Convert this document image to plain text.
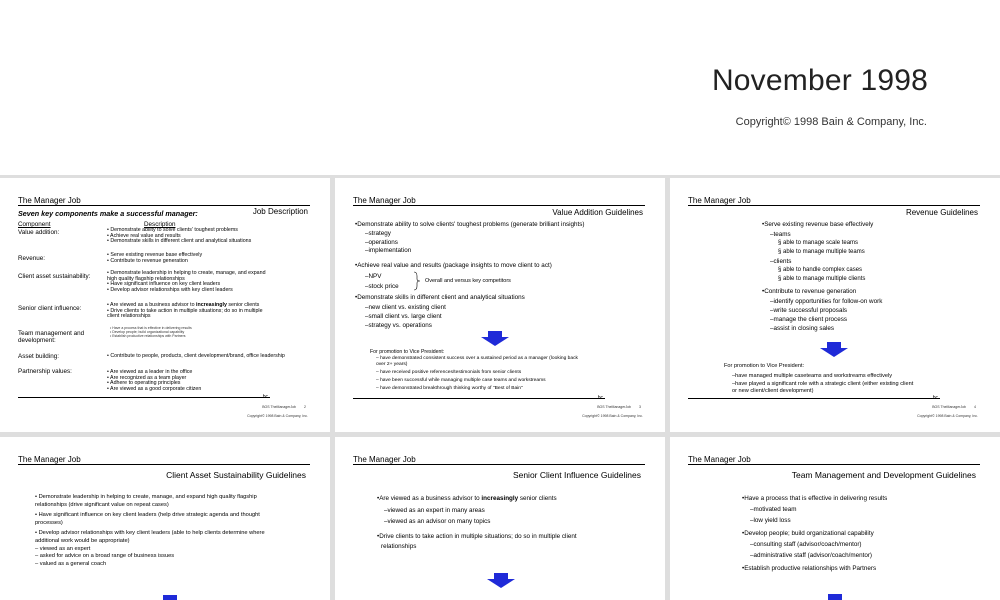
November 1998
Copyright© 1998 Bain & Company, Inc.
The Manager Job
Seven key components make a successful manager:	Job Description
Component	Description
Value addition:	• Demonstrate ability to solve clients' toughest problems
• Achieve real value and results
• Demonstrate skills in different client and analytical situations
Revenue:	• Serve existing revenue base effectively
• Contribute to revenue generation
Client asset sustainability:	• Demonstrate leadership in helping to create, manage, and expand
high quality flagship relationships
• Have significant influence on key client leaders
• Develop advisor relationships with key client leaders
Senior client influence:	• Are viewed as a business advisor to increasingly senior clients
• Drive clients to take action in multiple situations; do so in multiple
client relationships
Team management and development:
• Have a process that is effective in delivering results
• Develop people; build organizational capability
• Establish productive relationships with Partners
Asset building:	• Contribute to people, products, client development/brand, office leadership
Partnership values:	• Are viewed as a leader in the office
• Are recognized as a team player
• Adhere to operating principles
• Are viewed as a good corporate citizen
bc
BOS TheManagerJob 2
Copyright© 1998 Bain & Company, Inc.
The Manager Job
Value Addition Guidelines
•Demonstrate ability to solve clients' toughest problems (generate brilliant insights)
–strategy
–operations
–implementation
•Achieve real value and results (package insights to move client to act)
–NPV
–stock price
Overall and versus key competitors
•Demonstrate skills in different client and analytical situations
–new client vs. existing client
–small client vs. large client
–strategy vs. operations
For promotion to Vice President:
– have demonstrated consistent success over a sustained period as a manager (looking back
over 2+ years)
– have received positive references/testimonials from senior clients
– have been successful while managing multiple case teams and workstreams
– have demonstrated breakthrough thinking worthy of "Best of Bain"
bc
BOS TheManagerJob 3
Copyright© 1998 Bain & Company, Inc.
The Manager Job
Revenue Guidelines
•Serve existing revenue base effectively
–teams
§ able to manage scale teams
§ able to manage multiple teams
–clients
§ able to handle complex cases
§ able to manage multiple clients
•Contribute to revenue generation
–identify opportunities for follow-on work
–write successful proposals
–manage the client process
–assist in closing sales
For promotion to Vice President:
–have managed multiple caseteams and workstreams effectively
–have played a significant role with a strategic client (either existing client
or new client/client development)
bc
BOS TheManagerJob 4
Copyright© 1998 Bain & Company, Inc.
The Manager Job
Client Asset Sustainability Guidelines
• Demonstrate leadership in helping to create, manage, and expand high quality flagship
relationships (drive significant value on repeat cases)
• Have significant influence on key client leaders (help drive strategic agenda and thought
processes)
• Develop advisor relationships with key client leaders (able to help clients determine where
additional work would be appropriate)
– viewed as an expert
– asked for advice on a broad range of business issues
– valued as a general coach
The Manager Job
Senior Client Influence Guidelines
•Are viewed as a business advisor to increasingly senior clients
–viewed as an expert in many areas
–viewed as an advisor on many topics
•Drive clients to take action in multiple situations; do so in multiple client
relationships
The Manager Job
Team Management and Development Guidelines
•Have a process that is effective in delivering results
–motivated team
–low yield loss
•Develop people; build organizational capability
–consulting staff (advisor/coach/mentor)
–administrative staff (advisor/coach/mentor)
•Establish productive relationships with Partners
